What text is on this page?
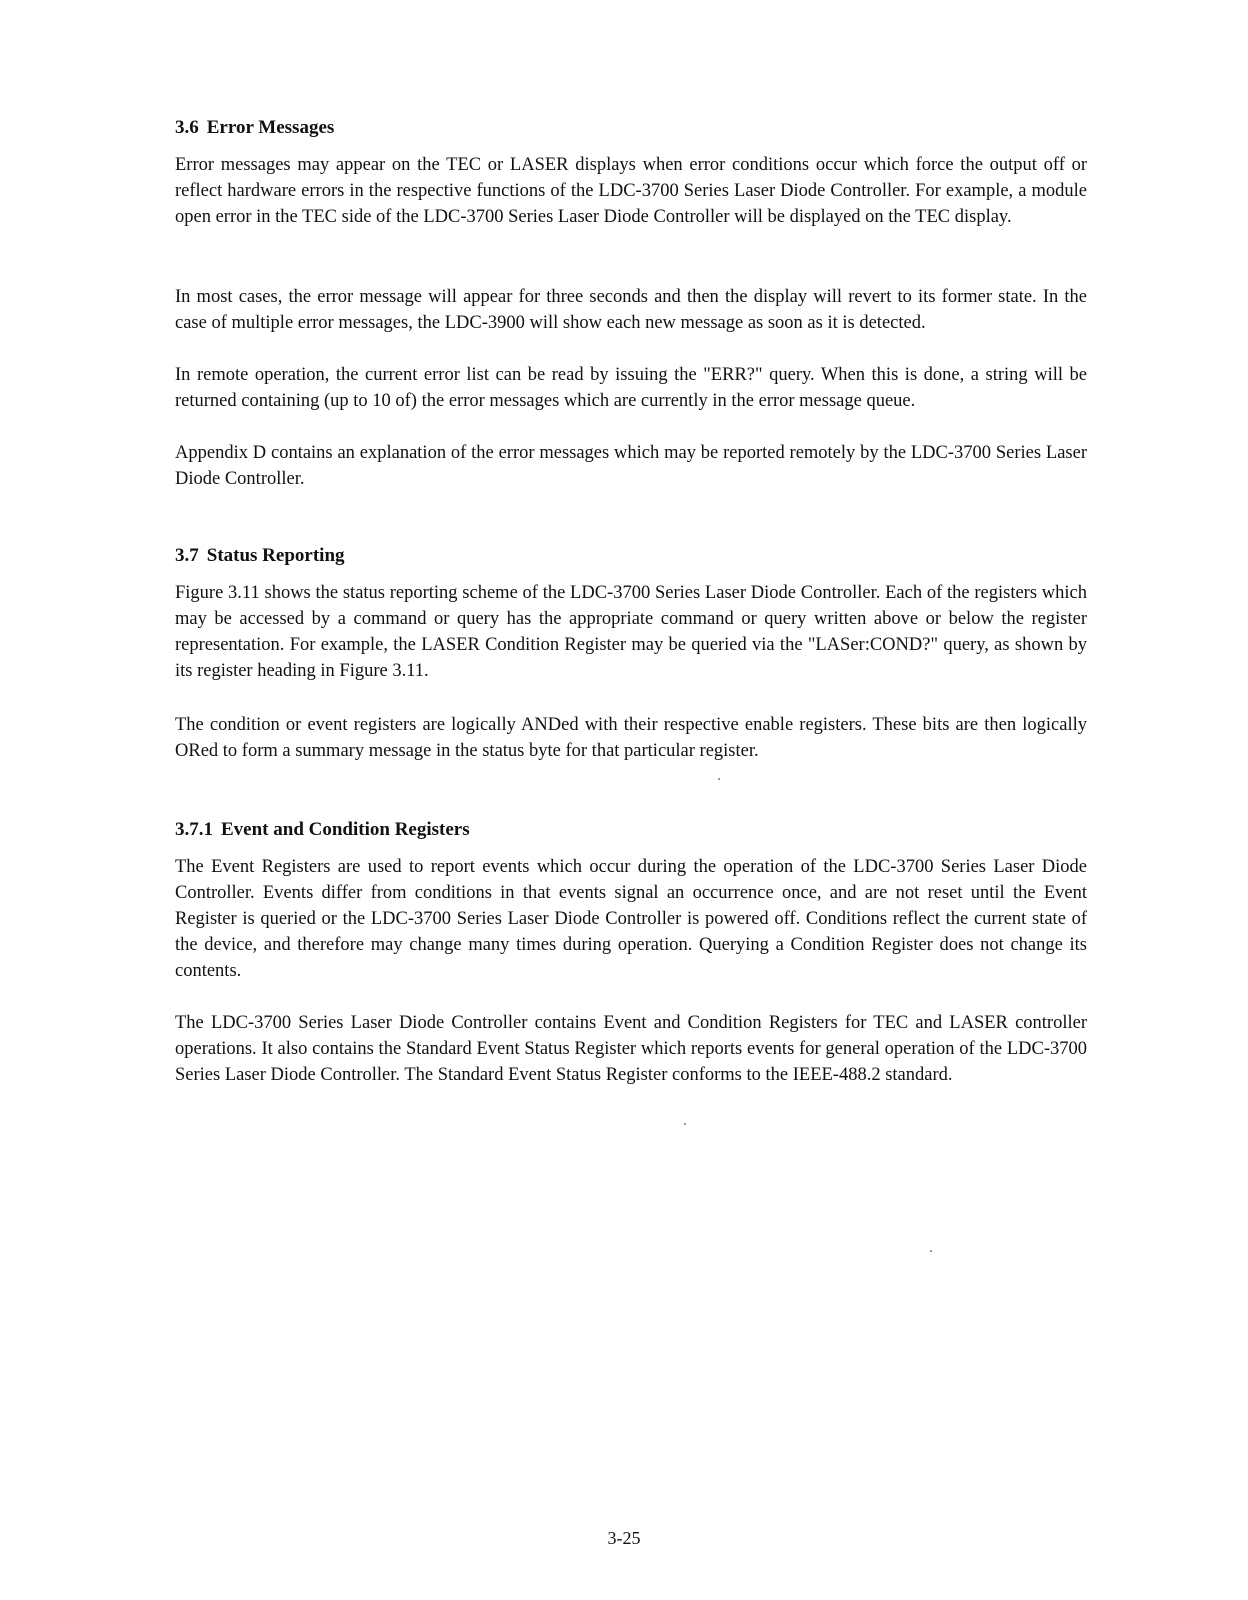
3.6 Error Messages

Error messages may appear on the TEC or LASER displays when error conditions occur which force the output off or reflect hardware errors in the respective functions of the LDC-3700 Series Laser Diode Controller. For example, a module open error in the TEC side of the LDC-3700 Series Laser Diode Controller will be displayed on the TEC display.

In most cases, the error message will appear for three seconds and then the display will revert to its former state. In the case of multiple error messages, the LDC-3900 will show each new message as soon as it is detected.

In remote operation, the current error list can be read by issuing the "ERR?" query. When this is done, a string will be returned containing (up to 10 of) the error messages which are currently in the error message queue.

Appendix D contains an explanation of the error messages which may be reported remotely by the LDC-3700 Series Laser Diode Controller.

3.7 Status Reporting

Figure 3.11 shows the status reporting scheme of the LDC-3700 Series Laser Diode Controller. Each of the registers which may be accessed by a command or query has the appropriate command or query written above or below the register representation. For example, the LASER Condition Register may be queried via the "LASer:COND?" query, as shown by its register heading in Figure 3.11.

The condition or event registers are logically ANDed with their respective enable registers. These bits are then logically ORed to form a summary message in the status byte for that particular register.

3.7.1 Event and Condition Registers

The Event Registers are used to report events which occur during the operation of the LDC-3700 Series Laser Diode Controller. Events differ from conditions in that events signal an occurrence once, and are not reset until the Event Register is queried or the LDC-3700 Series Laser Diode Controller is powered off. Conditions reflect the current state of the device, and therefore may change many times during operation. Querying a Condition Register does not change its contents.

The LDC-3700 Series Laser Diode Controller contains Event and Condition Registers for TEC and LASER controller operations. It also contains the Standard Event Status Register which reports events for general operation of the LDC-3700 Series Laser Diode Controller. The Standard Event Status Register conforms to the IEEE-488.2 standard.

3-25
